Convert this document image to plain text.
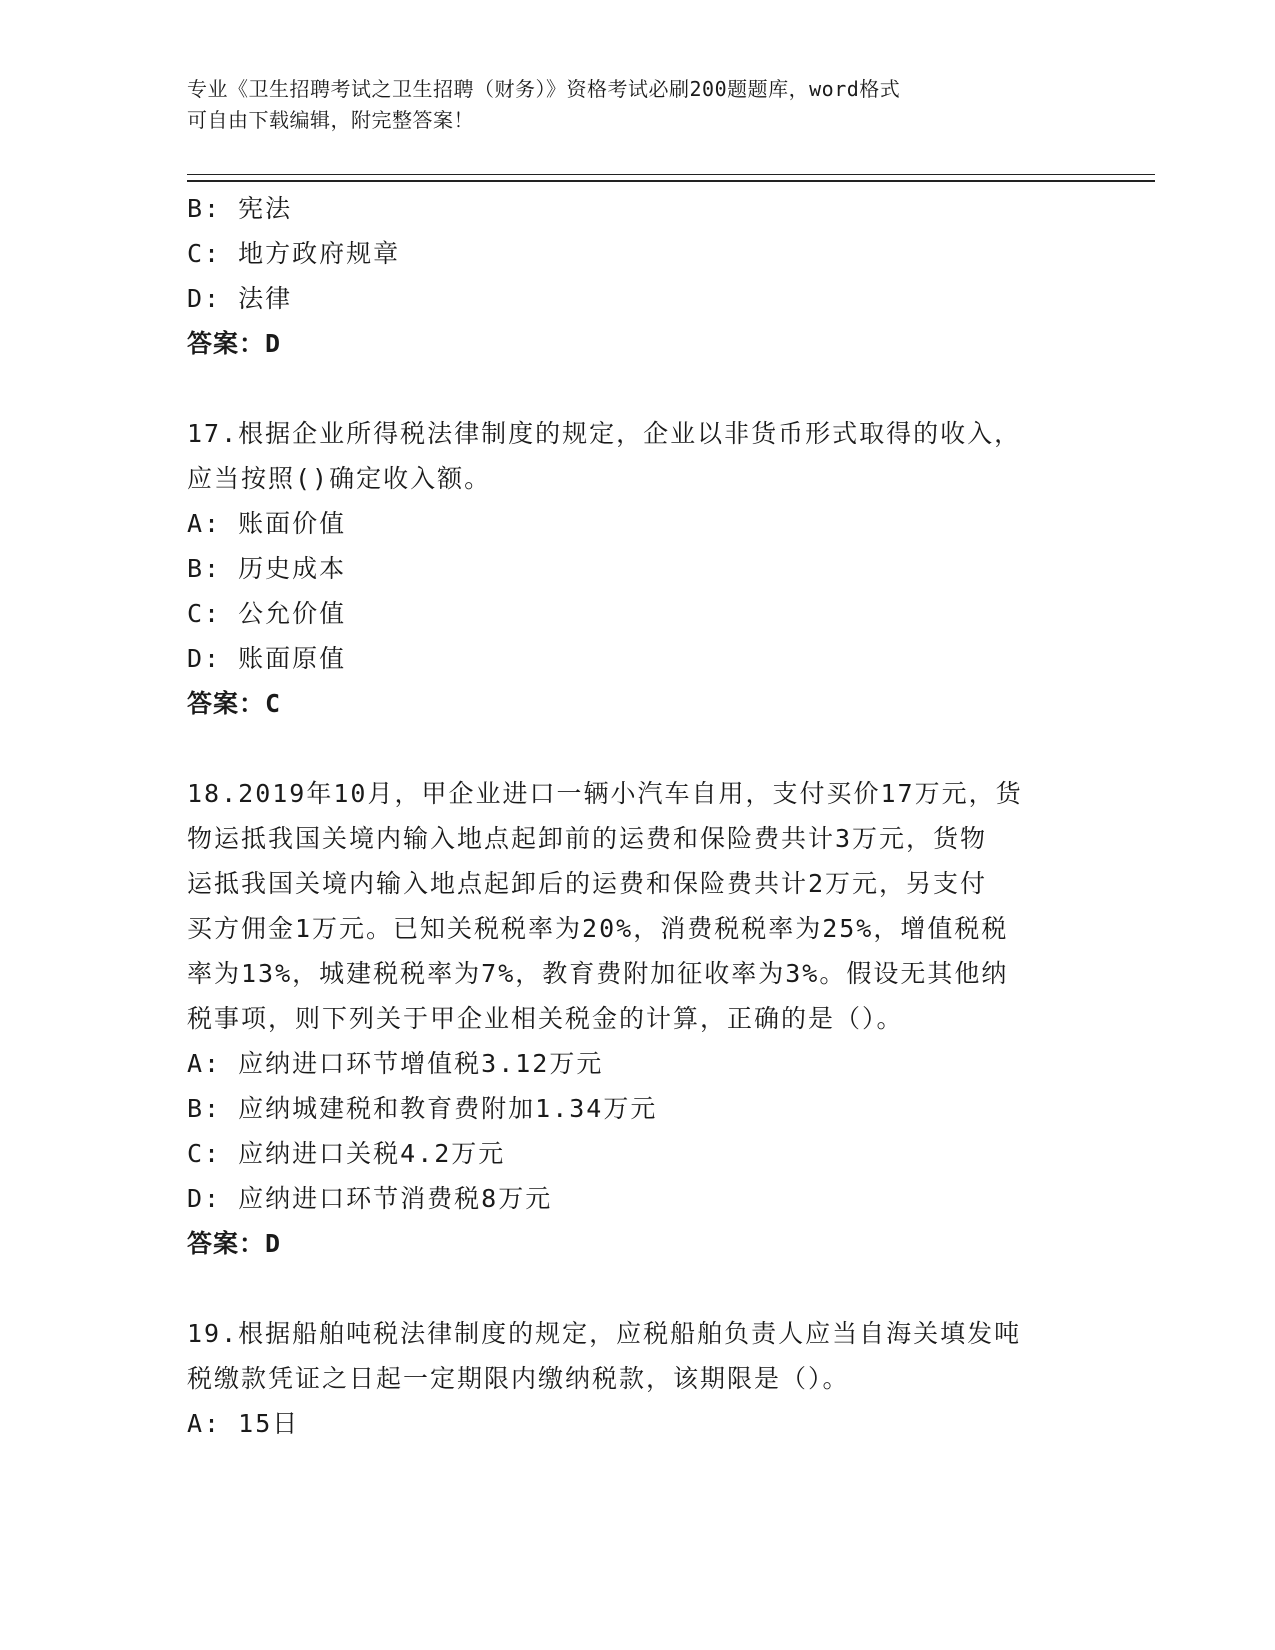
专业《卫生招聘考试之卫生招聘（财务）》资格考试必刷200题题库，word格式
可自由下载编辑，附完整答案！
B: 宪法
C: 地方政府规章
D: 法律
答案：D
17.根据企业所得税法律制度的规定，企业以非货币形式取得的收入，
应当按照()确定收入额。
A: 账面价值
B: 历史成本
C: 公允价值
D: 账面原值
答案：C
18.2019年10月，甲企业进口一辆小汽车自用，支付买价17万元，货
物运抵我国关境内输入地点起卸前的运费和保险费共计3万元，货物
运抵我国关境内输入地点起卸后的运费和保险费共计2万元，另支付
买方佣金1万元。已知关税税率为20%，消费税税率为25%，增值税税
率为13%，城建税税率为7%，教育费附加征收率为3%。假设无其他纳
税事项，则下列关于甲企业相关税金的计算，正确的是（）。
A: 应纳进口环节增值税3.12万元
B: 应纳城建税和教育费附加1.34万元
C: 应纳进口关税4.2万元
D: 应纳进口环节消费税8万元
答案：D
19.根据船舶吨税法律制度的规定，应税船舶负责人应当自海关填发吨
税缴款凭证之日起一定期限内缴纳税款，该期限是（）。
A: 15日
